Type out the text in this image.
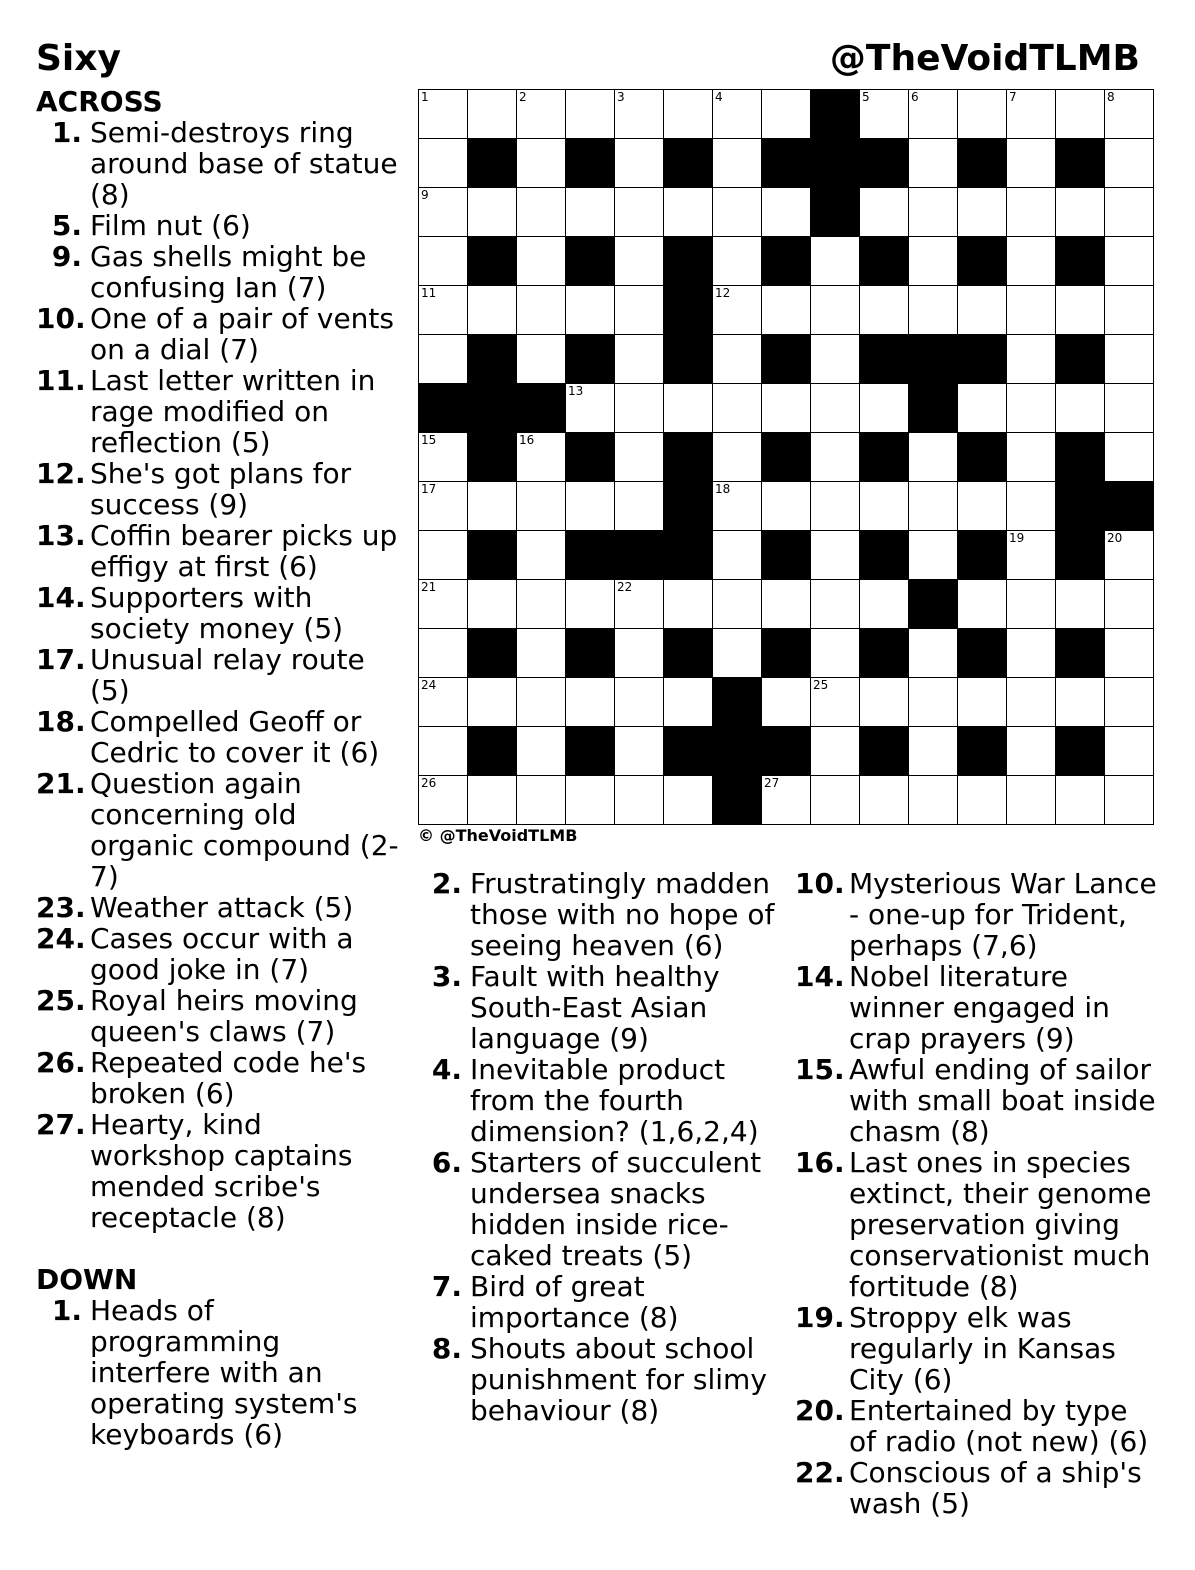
Sixy	@TheVoidTLMB
ACROSS
1. Semi-destroys ring around base of statue (8)
5. Film nut (6)
9. Gas shells might be confusing Ian (7)
10. One of a pair of vents on a dial (7)
11. Last letter written in rage modified on reflection (5)
12. She's got plans for success (9)
13. Coffin bearer picks up effigy at first (6)
14. Supporters with society money (5)
17. Unusual relay route (5)
18. Compelled Geoff or Cedric to cover it (6)
21. Question again concerning old organic compound (2-7)
23. Weather attack (5)
24. Cases occur with a good joke in (7)
25. Royal heirs moving queen's claws (7)
26. Repeated code he's broken (6)
27. Hearty, kind workshop captains mended scribe's receptacle (8)
1	2	3	4	5	6	7	8
9	10
11	12
13	14
15	16
17	18
19	20
21	22	23
24	25
26	27
© @TheVoidTLMB
DOWN
1. Heads of programming interfere with an operating system's keyboards (6)
2. Frustratingly madden those with no hope of seeing heaven (6)
3. Fault with healthy South-East Asian language (9)
4. Inevitable product from the fourth dimension? (1,6,2,4)
6. Starters of succulent undersea snacks hidden inside rice-caked treats (5)
7. Bird of great importance (8)
8. Shouts about school punishment for slimy behaviour (8)
10. Mysterious War Lance - one-up for Trident, perhaps (7,6)
14. Nobel literature winner engaged in crap prayers (9)
15. Awful ending of sailor with small boat inside chasm (8)
16. Last ones in species extinct, their genome preservation giving conservationist much fortitude (8)
19. Stroppy elk was regularly in Kansas City (6)
20. Entertained by type of radio (not new) (6)
22. Conscious of a ship's wash (5)
